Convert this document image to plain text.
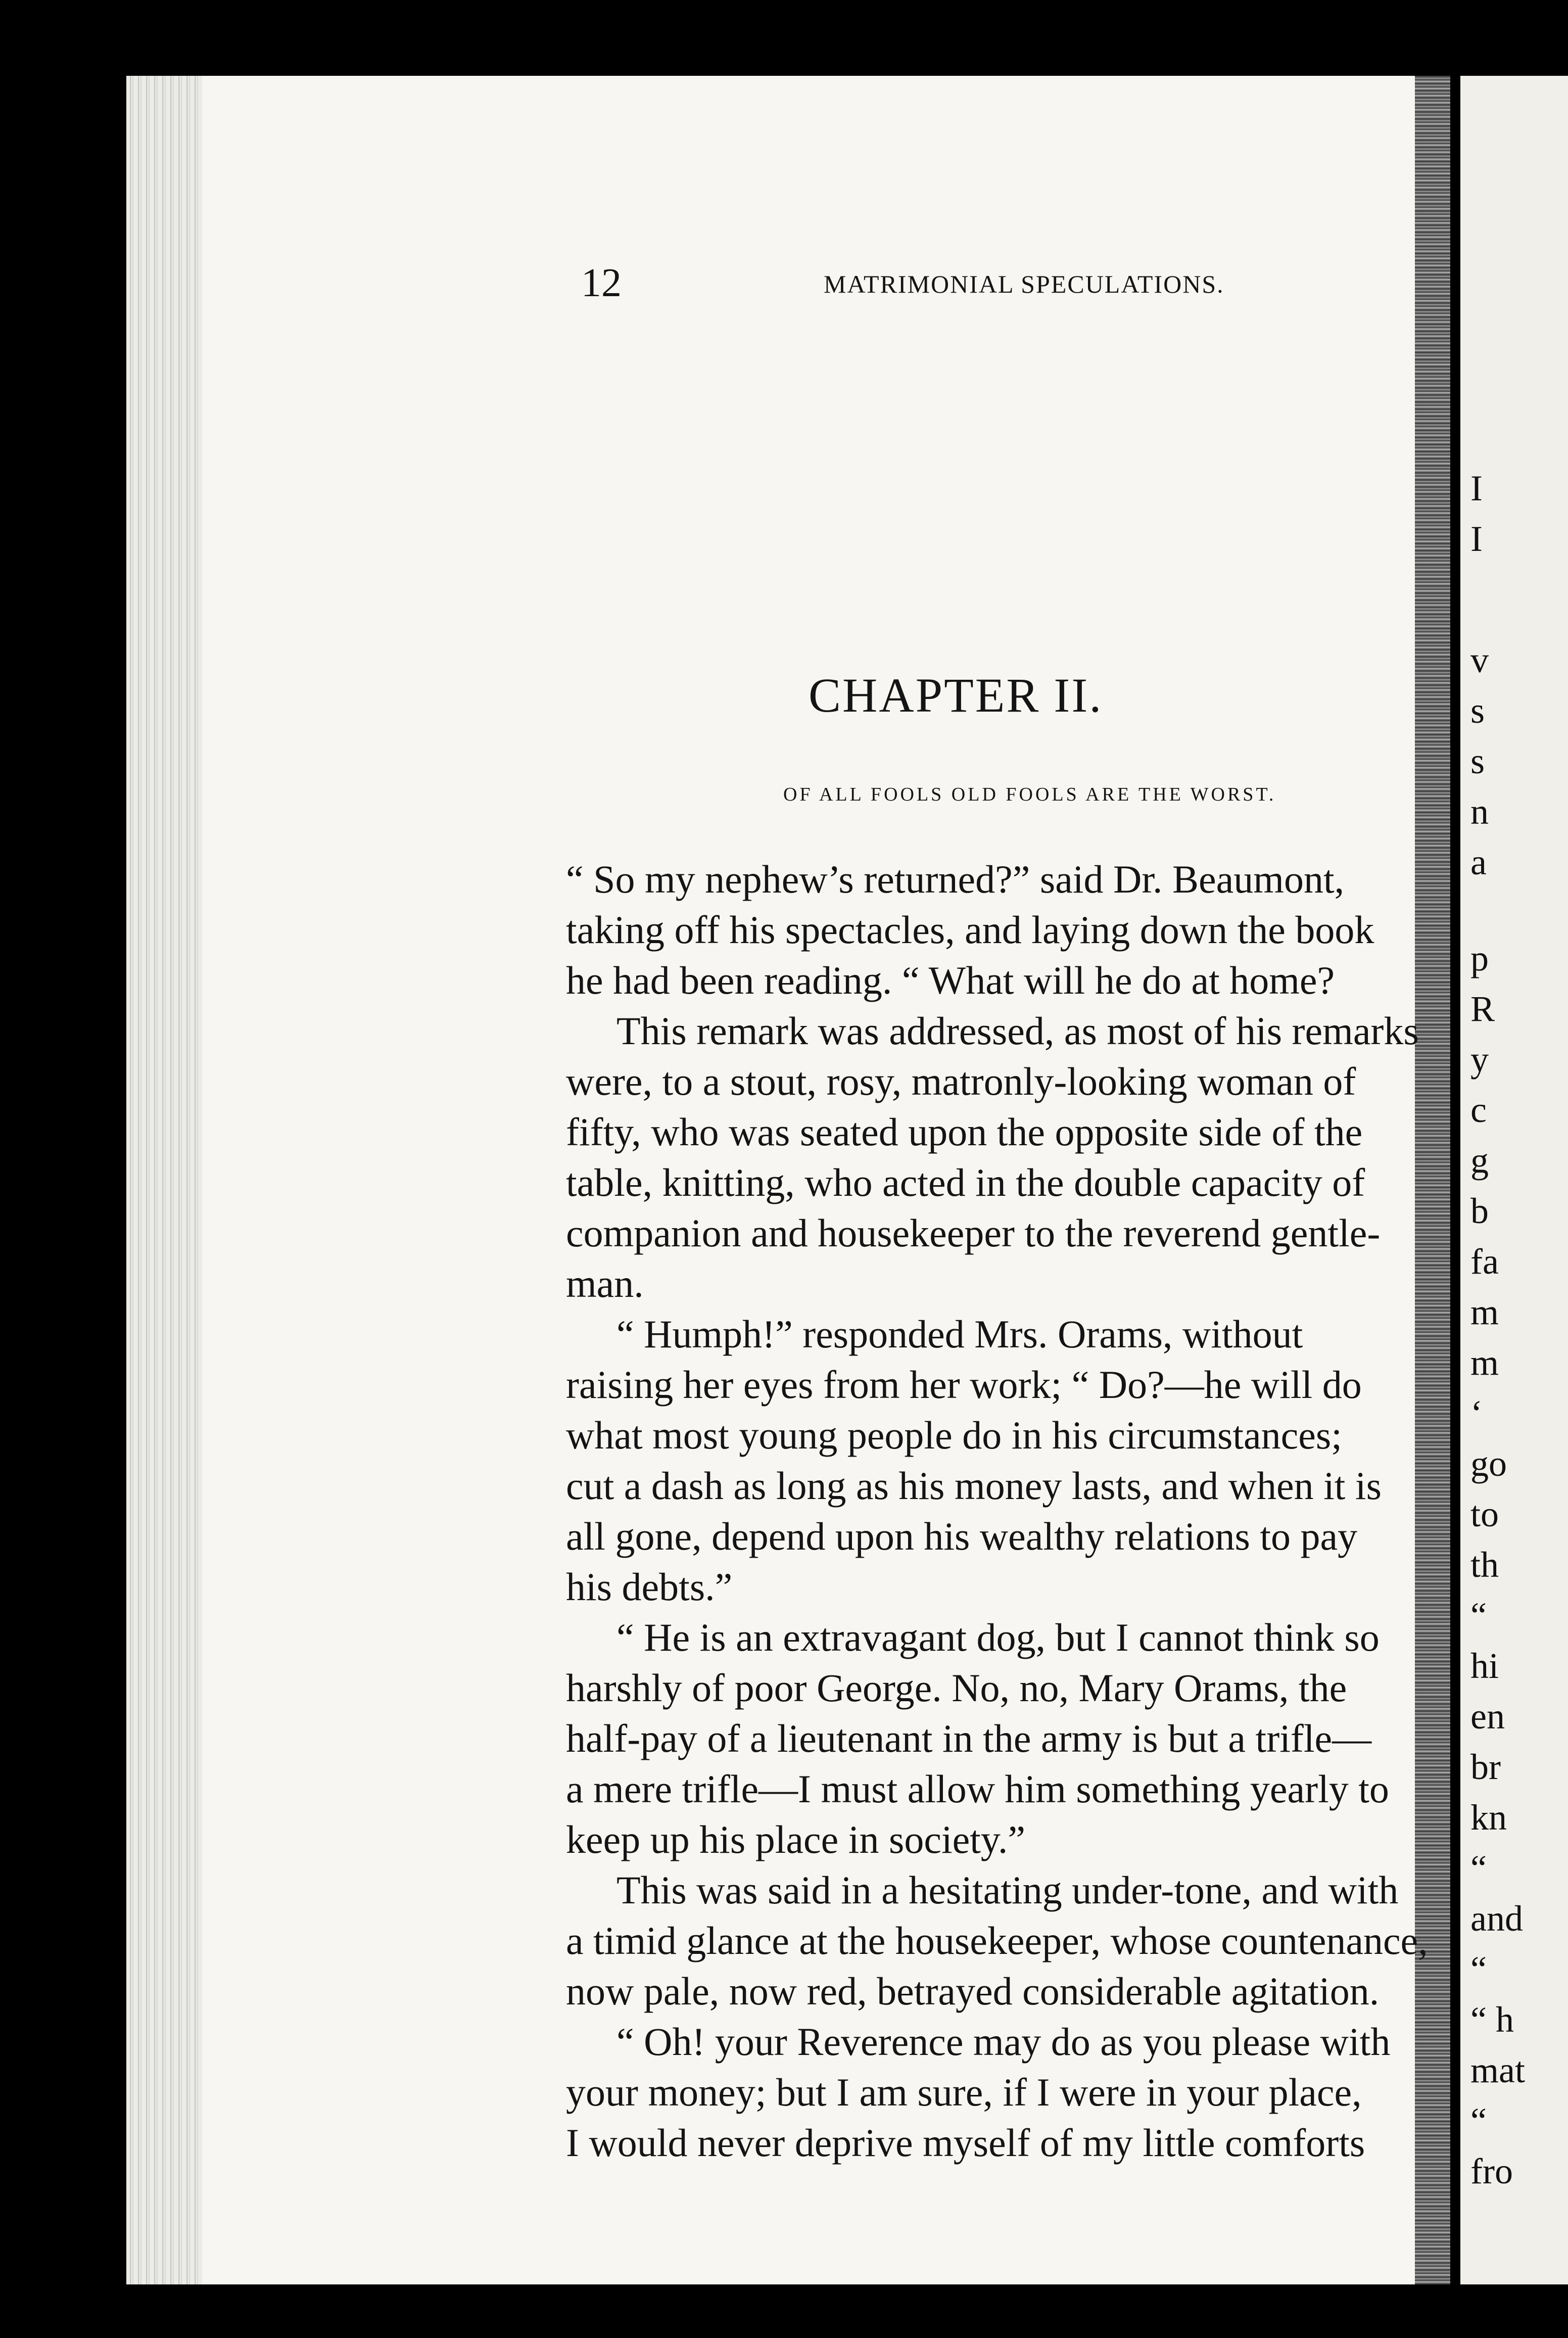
I
I
v
s
s
n
a
p
R
y
c
g
b
fa
m
m
‘
go
to
th
“
hi
en
br
kn
“
and
“
“ h
mat
“
fro
12	MATRIMONIAL SPECULATIONS.
CHAPTER II.
OF ALL FOOLS OLD FOOLS ARE THE WORST.
“ So my nephew’s returned?” said Dr. Beaumont,
taking off his spectacles, and laying down the book
he had been reading. “ What will he do at home?
This remark was addressed, as most of his remarks
were, to a stout, rosy, matronly-looking woman of
fifty, who was seated upon the opposite side of the
table, knitting, who acted in the double capacity of
companion and housekeeper to the reverend gentle-
man.
“ Humph!” responded Mrs. Orams, without
raising her eyes from her work; “ Do?—he will do
what most young people do in his circumstances;
cut a dash as long as his money lasts, and when it is
all gone, depend upon his wealthy relations to pay
his debts.”
“ He is an extravagant dog, but I cannot think so
harshly of poor George. No, no, Mary Orams, the
half-pay of a lieutenant in the army is but a trifle—
a mere trifle—I must allow him something yearly to
keep up his place in society.”
This was said in a hesitating under-tone, and with
a timid glance at the housekeeper, whose countenance,
now pale, now red, betrayed considerable agitation.
“ Oh! your Reverence may do as you please with
your money; but I am sure, if I were in your place,
I would never deprive myself of my little comforts
